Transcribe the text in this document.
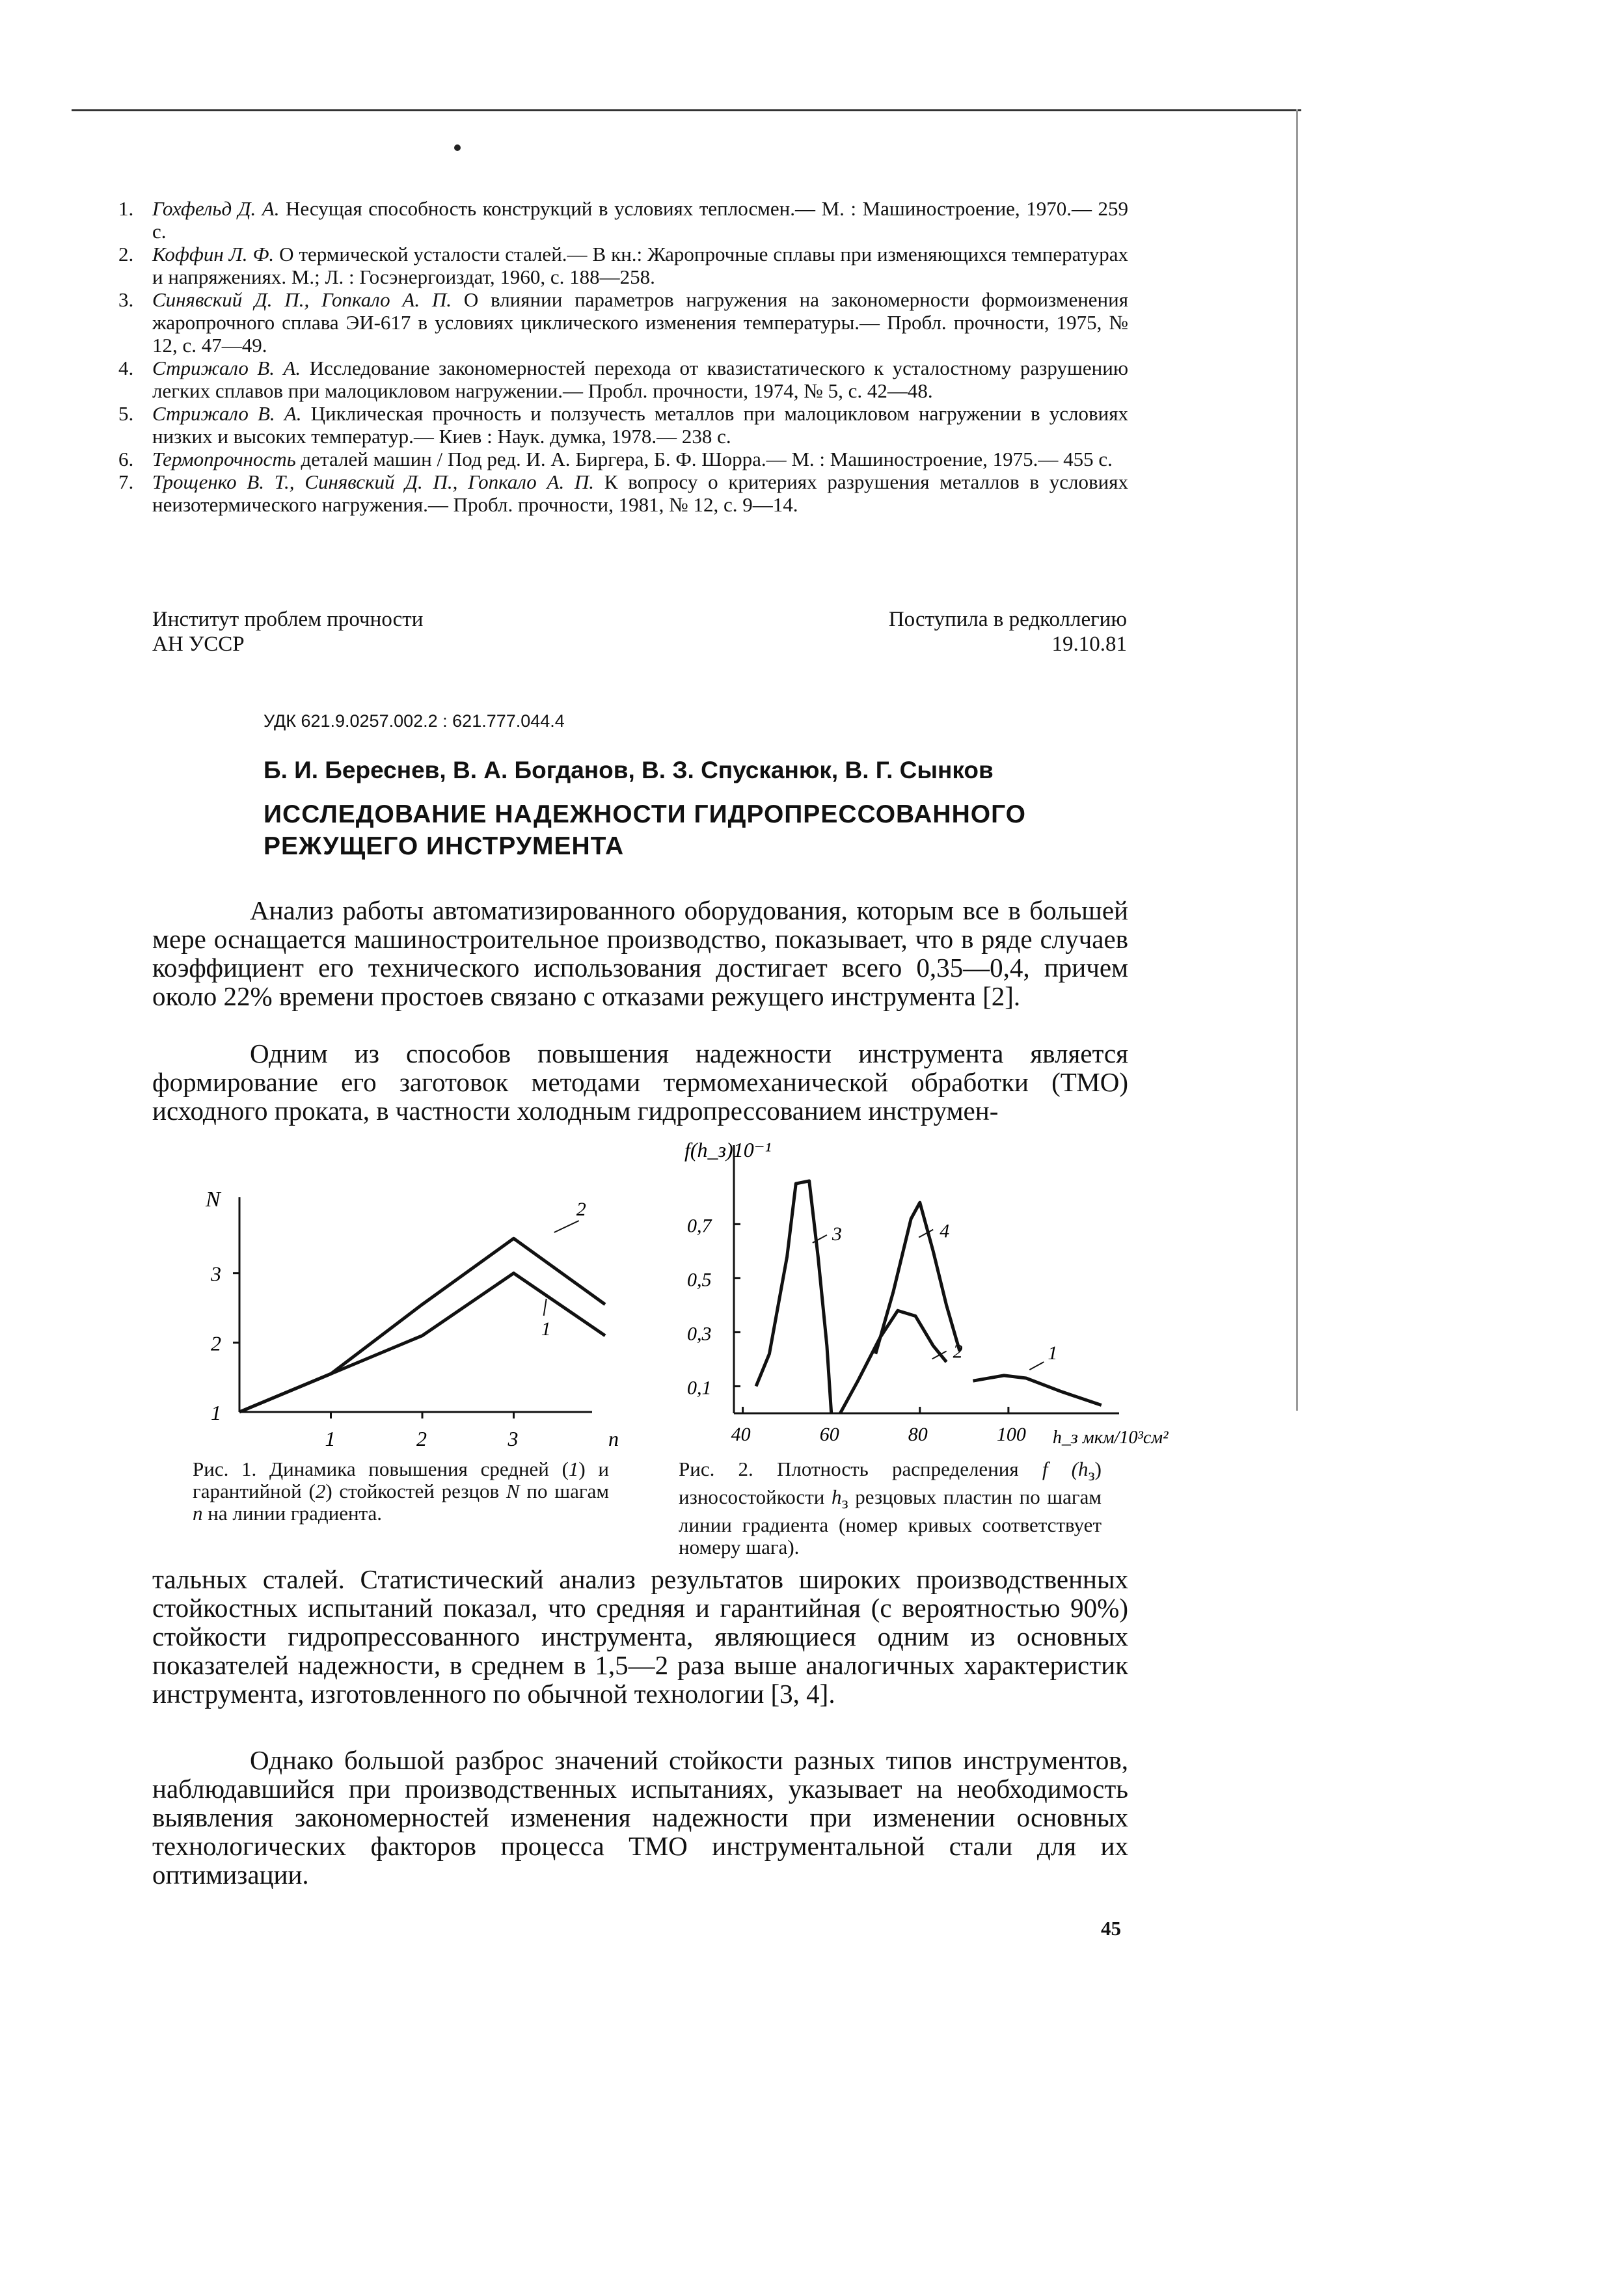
1. Гохфельд Д. А. Несущая способность конструкций в условиях теплосмен.— М. : Машиностроение, 1970.— 259 с.
2. Коффин Л. Ф. О термической усталости сталей.— В кн.: Жаропрочные сплавы при изменяющихся температурах и напряжениях. М.; Л. : Госэнергоиздат, 1960, с. 188—258.
3. Синявский Д. П., Гопкало А. П. О влиянии параметров нагружения на закономерности формоизменения жаропрочного сплава ЭИ-617 в условиях циклического изменения температуры.— Пробл. прочности, 1975, № 12, с. 47—49.
4. Стрижало В. А. Исследование закономерностей перехода от квазистатического к усталостному разрушению легких сплавов при малоцикловом нагружении.— Пробл. прочности, 1974, № 5, с. 42—48.
5. Стрижало В. А. Циклическая прочность и ползучесть металлов при малоцикловом нагружении в условиях низких и высоких температур.— Киев : Наук. думка, 1978.— 238 с.
6. Термопрочность деталей машин / Под ред. И. А. Биргера, Б. Ф. Шорра.— М. : Машиностроение, 1975.— 455 с.
7. Трощенко В. Т., Синявский Д. П., Гопкало А. П. К вопросу о критериях разрушения металлов в условиях неизотермического нагружения.— Пробл. прочности, 1981, № 12, с. 9—14.
Институт проблем прочности
АН УССР
Поступила в редколлегию
19.10.81
УДК 621.9.0257.002.2 : 621.777.044.4
Б. И. Береснев, В. А. Богданов, В. З. Спусканюк, В. Г. Сынков
ИССЛЕДОВАНИЕ НАДЕЖНОСТИ ГИДРОПРЕССОВАННОГО
РЕЖУЩЕГО ИНСТРУМЕНТА

Анализ работы автоматизированного оборудования, которым все в большей мере оснащается машиностроительное производство, показывает, что в ряде случаев коэффициент его технического использования достигает всего 0,35—0,4, причем около 22% времени простоев связано с отказами режущего инструмента [2].

Одним из способов повышения надежности инструмента является формирование его заготовок методами термомеханической обработки (ТМО) исходного проката, в частности холодным гидропрессованием инструмен-

N
1
2
3
1	2	3	n
1
2
f(h_з)10⁻¹
0,1
0,3
0,5
0,7
40	60	80	100 h_з мкм/10³см²
1
2
3	4

Рис. 1. Динамика повышения средней (1) и гарантийной (2) стойкостей резцов N по шагам n на линии градиента.

Рис. 2. Плотность распределения f $(h_з)$ износостойкости $h_з$ резцовых пластин по шагам линии градиента (номер кривых соответствует номеру шага).

тальных сталей. Статистический анализ результатов широких производственных стойкостных испытаний показал, что средняя и гарантийная (с вероятностью 90%) стойкости гидропрессованного инструмента, являющиеся одним из основных показателей надежности, в среднем в 1,5—2 раза выше аналогичных характеристик инструмента, изготовленного по обычной технологии [3, 4].

Однако большой разброс значений стойкости разных типов инструментов, наблюдавшийся при производственных испытаниях, указывает на необходимость выявления закономерностей изменения надежности при изменении основных технологических факторов процесса ТМО инструментальной стали для их оптимизации.

45
